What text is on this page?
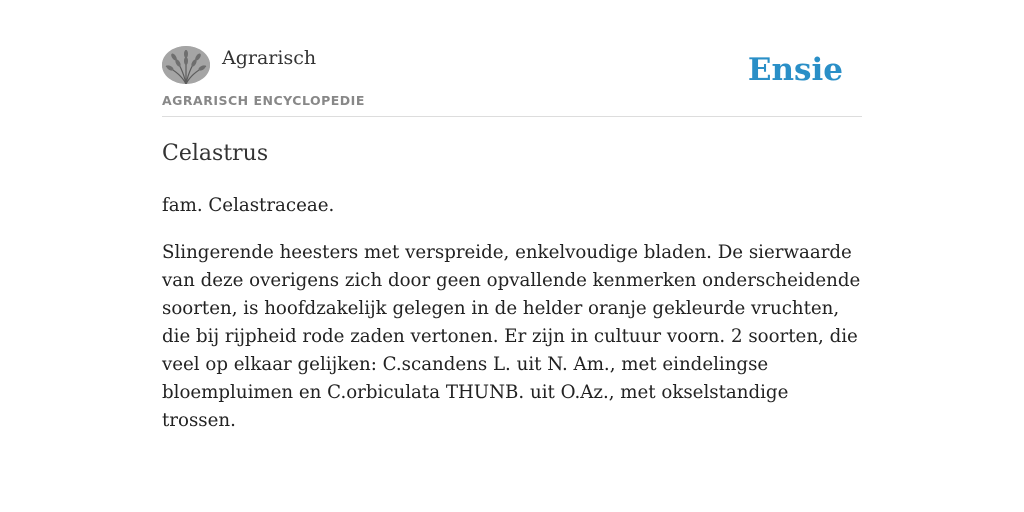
Agrarisch
AGRARISCH ENCYCLOPEDIE
Ensie
Celastrus

fam. Celastraceae.

Slingerende heesters met verspreide, enkelvoudige bladen. De sierwaarde van deze overigens zich door geen opvallende kenmerken onderscheidende soorten, is hoofdzakelijk gelegen in de helder oranje gekleurde vruchten, die bij rijpheid rode zaden vertonen. Er zijn in cultuur voorn. 2 soorten, die veel op elkaar gelijken: C.scandens L. uit N. Am., met eindelingse bloempluimen en C.orbiculata THUNB. uit O.Az., met okselstandige trossen.
